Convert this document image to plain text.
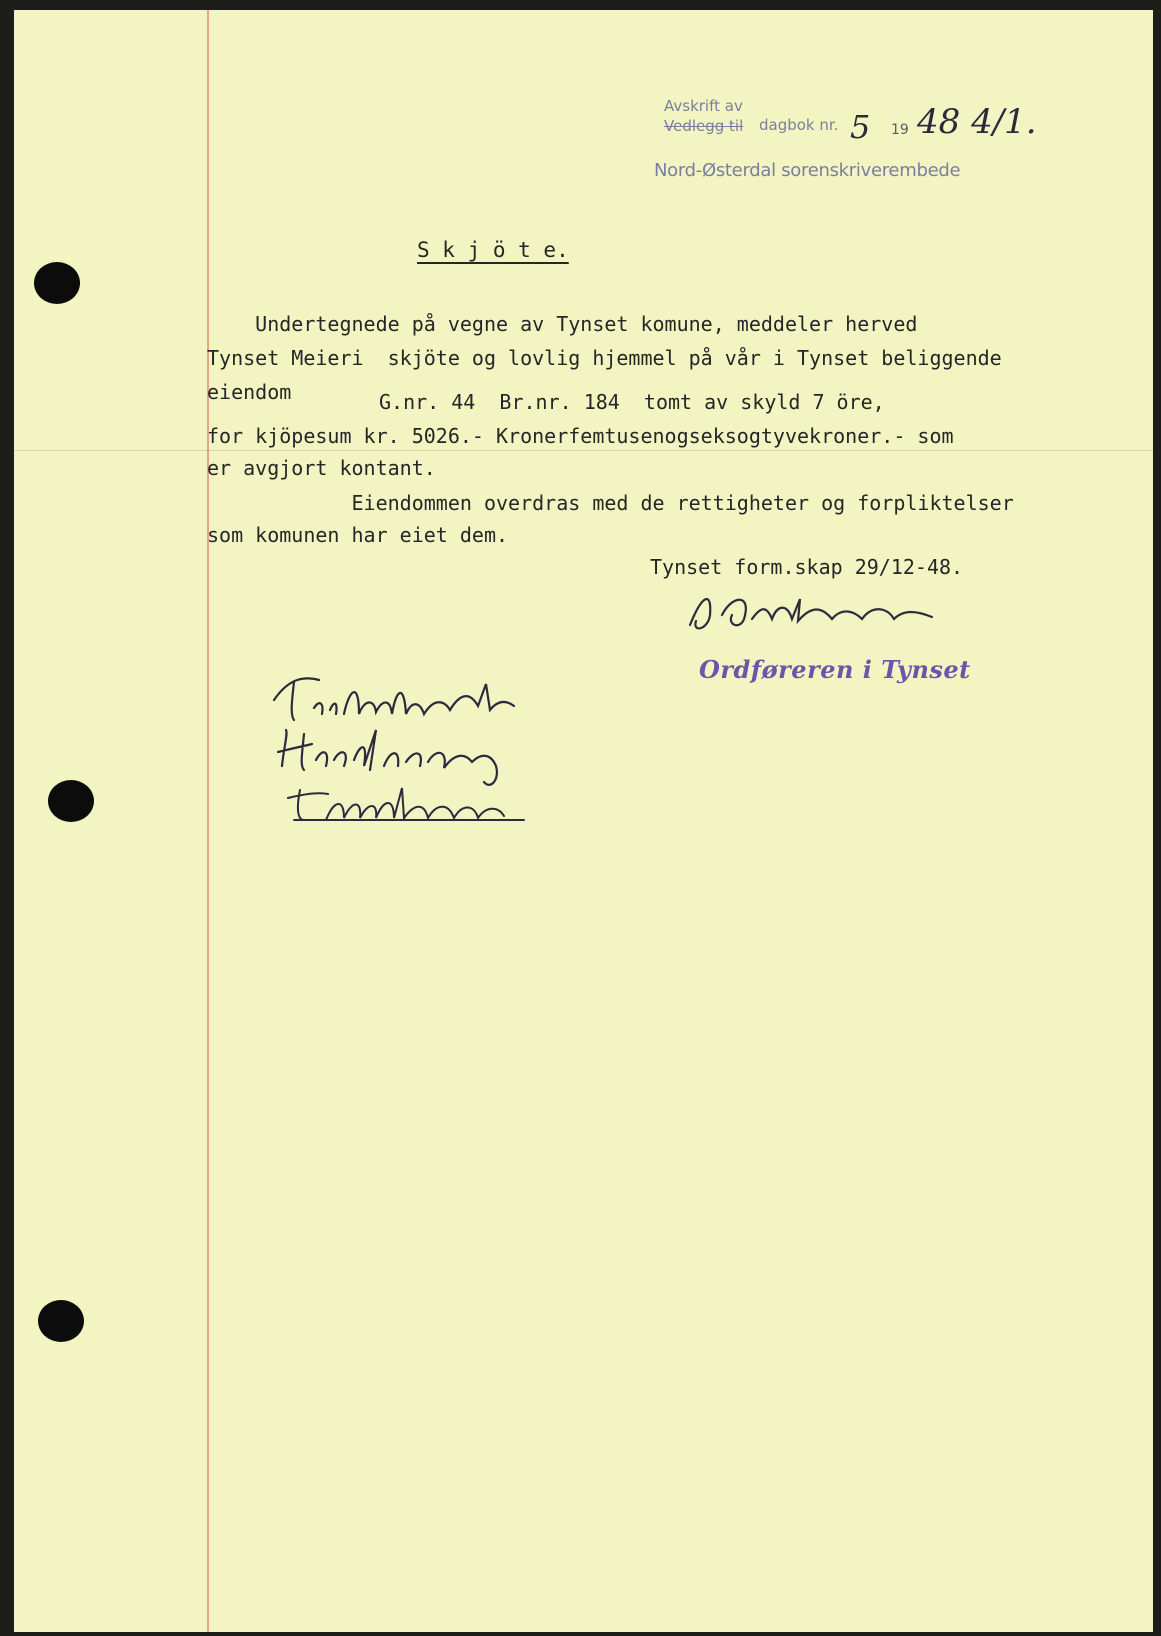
Avskrift av
Vedlegg til dagbok nr. 5 19 48 4/1.
Nord-Østerdal sorenskriverembede
S k j ö t e.
Undertegnede på vegne av Tynset komune, meddeler herved
Tynset Meieri  skjöte og lovlig hjemmel på vår i Tynset beliggende
eiendom	G.nr. 44  Br.nr. 184  tomt av skyld 7 öre,
for kjöpesum kr. 5026.- Kronerfemtusenogseksogtyvekroner.- som
er avgjort kontant.
Eiendommen overdras med de rettigheter og forpliktelser
som komunen har eiet dem.
Tynset form.skap 29/12-48.
Ordføreren i Tynset
